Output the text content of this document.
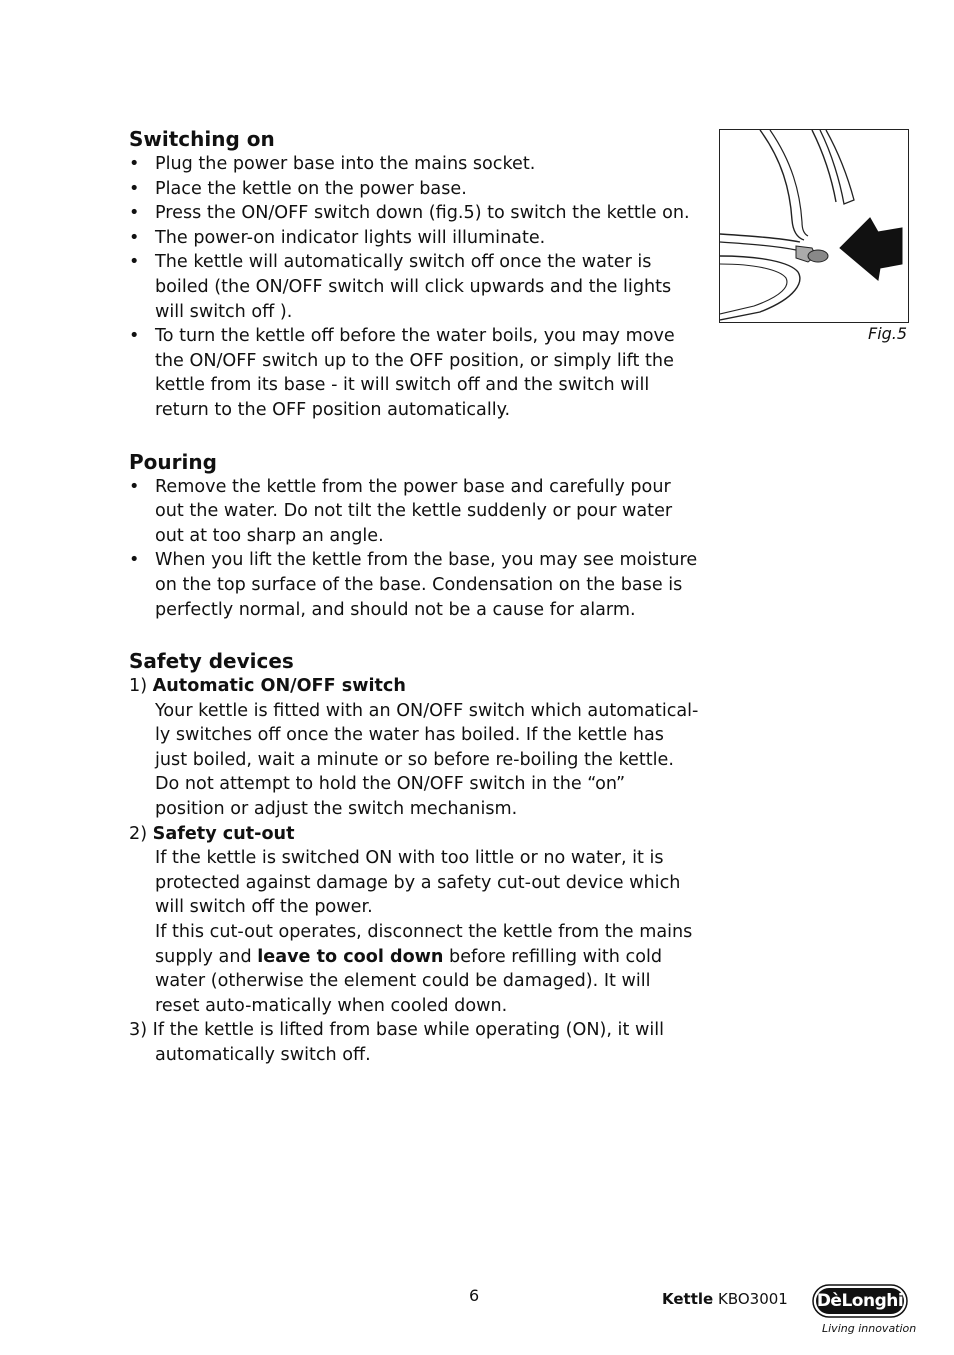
Switching on
• Plug the power base into the mains socket.
• Place the kettle on the power base.
• Press the ON/OFF switch down (fig.5) to switch the kettle on.
• The power-on indicator lights will illuminate.
• The kettle will automatically switch off once the water is boiled (the ON/OFF switch will click upwards and the lights will switch off ).
• To turn the kettle off before the water boils, you may move the ON/OFF switch up to the OFF position, or simply lift the kettle from its base - it will switch off and the switch will return to the OFF position automatically.
Pouring
• Remove the kettle from the power base and carefully pour out the water. Do not tilt the kettle suddenly or pour water out at too sharp an angle.
• When you lift the kettle from the base, you may see moisture on the top surface of the base. Condensation on the base is perfectly normal, and should not be a cause for alarm.
Safety devices
1) Automatic ON/OFF switch
Your kettle is fitted with an ON/OFF switch which automatical-ly switches off once the water has boiled. If the kettle has just boiled, wait a minute or so before re-boiling the kettle. Do not attempt to hold the ON/OFF switch in the “on” position or adjust the switch mechanism.
2) Safety cut-out
If the kettle is switched ON with too little or no water, it is protected against damage by a safety cut-out device which will switch off the power.
If this cut-out operates, disconnect the kettle from the mains supply and leave to cool down before refilling with cold water (otherwise the element could be damaged). It will reset auto-matically when cooled down.
3) If the kettle is lifted from base while operating (ON), it will automatically switch off.
Fig.5
6	Kettle KBO3001 DèLonghi
Living innovation
